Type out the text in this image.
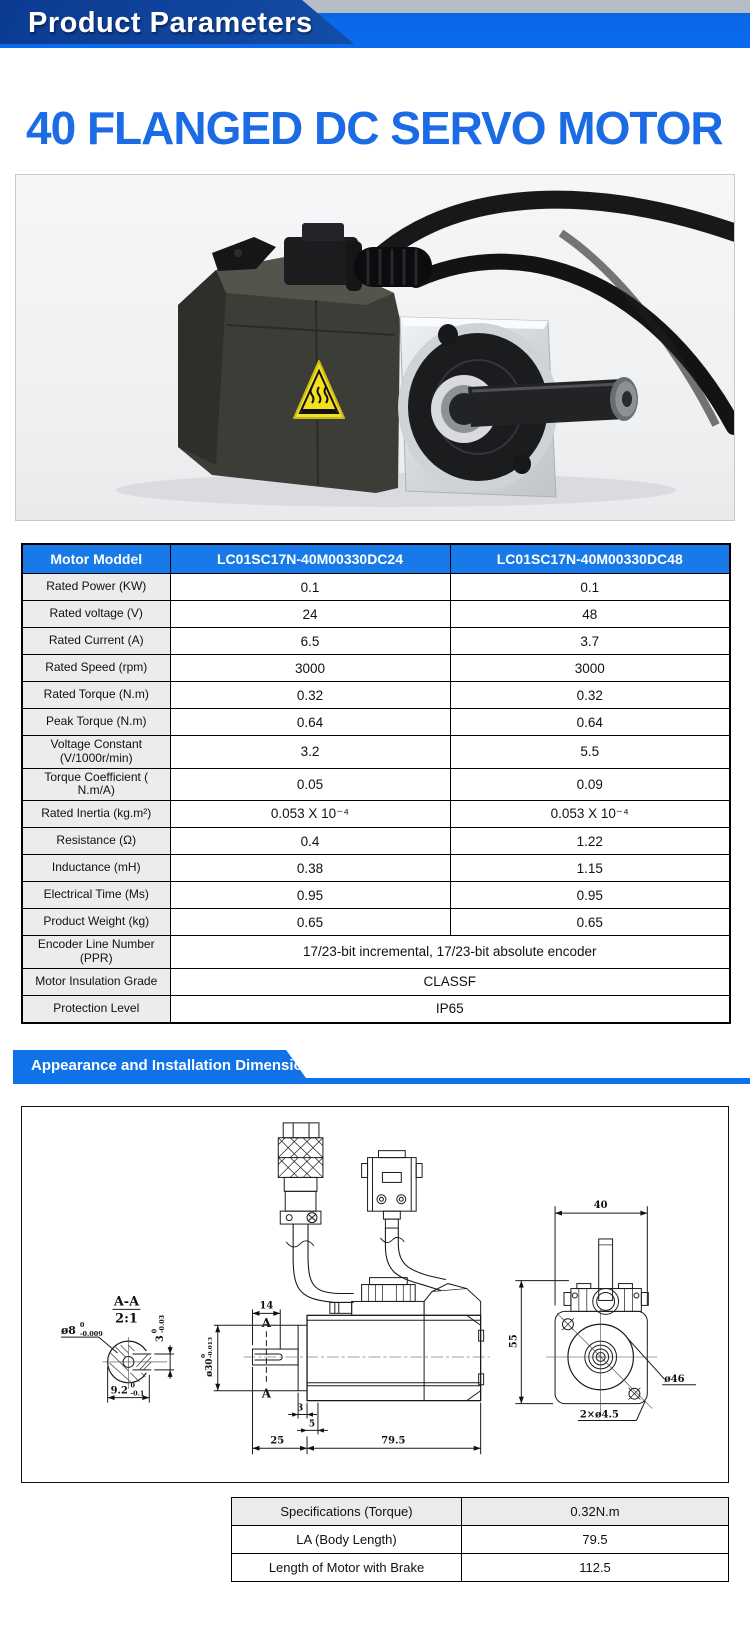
Product Parameters
40 FLANGED DC SERVO MOTOR
Motor Moddel	LC01SC17N-40M00330DC24	LC01SC17N-40M00330DC48
Rated Power (KW)	0.1	0.1
Rated voltage (V)	24	48
Rated Current (A)	6.5	3.7
Rated Speed (rpm)	3000	3000
Rated Torque (N.m)	0.32	0.32
Peak Torque (N.m)	0.64	0.64
Voltage Constant (V/1000r/min)	3.2	5.5
Torque Coefficient ( N.m/A)	0.05	0.09
Rated Inertia (kg.m²)	0.053 X 10⁻⁴	0.053 X 10⁻⁴
Resistance (Ω)	0.4	1.22
Inductance (mH)	0.38	1.15
Electrical Time (Ms)	0.95	0.95
Product Weight (kg)	0.65	0.65
Encoder Line Number (PPR)	17/23-bit incremental, 17/23-bit absolute encoder	
Motor Insulation Grade	CLASSF	
Protection Level	IP65	
Appearance and Installation Dimensions (Unit: mm)
A-A
2:1
ø8 0
-0.009
3
0 -0.03
9.2 0
-0.1
A
A
14
ø30
0 -0.013
3
5
25	79.5
40
55
ø46
2×ø4.5
Specifications (Torque)	0.32N.m
LA (Body Length)	79.5
Length of Motor with Brake	112.5
